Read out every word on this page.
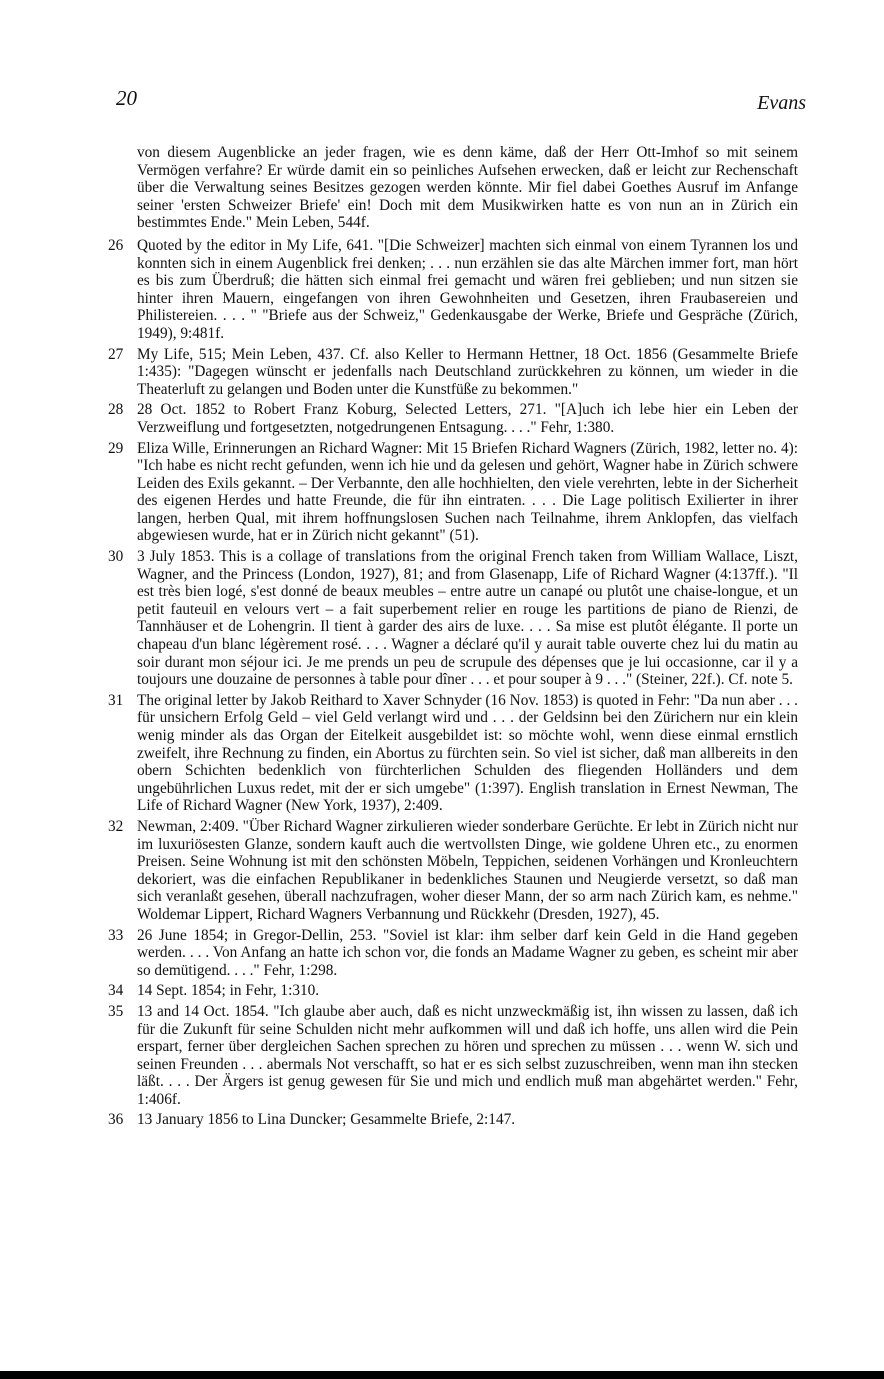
20	Evans
von diesem Augenblicke an jeder fragen, wie es denn käme, daß der Herr Ott-Imhof so mit seinem Vermögen verfahre? Er würde damit ein so peinliches Aufsehen erwecken, daß er leicht zur Rechenschaft über die Verwaltung seines Besitzes gezogen werden könnte. Mir fiel dabei Goethes Ausruf im Anfange seiner 'ersten Schweizer Briefe' ein! Doch mit dem Musikwirken hatte es von nun an in Zürich ein bestimmtes Ende." Mein Leben, 544f.
26 Quoted by the editor in My Life, 641. "[Die Schweizer] machten sich einmal von einem Tyrannen los und konnten sich in einem Augenblick frei denken; . . . nun erzählen sie das alte Märchen immer fort, man hört es bis zum Überdruß; die hätten sich einmal frei gemacht und wären frei geblieben; und nun sitzen sie hinter ihren Mauern, eingefangen von ihren Gewohnheiten und Gesetzen, ihren Fraubasereien und Philistereien. . . . " "Briefe aus der Schweiz," Gedenkausgabe der Werke, Briefe und Gespräche (Zürich, 1949), 9:481f.
27 My Life, 515; Mein Leben, 437. Cf. also Keller to Hermann Hettner, 18 Oct. 1856 (Gesammelte Briefe 1:435): "Dagegen wünscht er jedenfalls nach Deutschland zurückkehren zu können, um wieder in die Theaterluft zu gelangen und Boden unter die Kunstfüße zu bekommen."
28 28 Oct. 1852 to Robert Franz Koburg, Selected Letters, 271. "[A]uch ich lebe hier ein Leben der Verzweiflung und fortgesetzten, notgedrungenen Entsagung. . . ." Fehr, 1:380.
29 Eliza Wille, Erinnerungen an Richard Wagner: Mit 15 Briefen Richard Wagners (Zürich, 1982, letter no. 4): "Ich habe es nicht recht gefunden, wenn ich hie und da gelesen und gehört, Wagner habe in Zürich schwere Leiden des Exils gekannt. – Der Verbannte, den alle hochhielten, den viele verehrten, lebte in der Sicherheit des eigenen Herdes und hatte Freunde, die für ihn eintraten. . . . Die Lage politisch Exilierter in ihrer langen, herben Qual, mit ihrem hoffnungslosen Suchen nach Teilnahme, ihrem Anklopfen, das vielfach abgewiesen wurde, hat er in Zürich nicht gekannt" (51).
30 3 July 1853. This is a collage of translations from the original French taken from William Wallace, Liszt, Wagner, and the Princess (London, 1927), 81; and from Glasenapp, Life of Richard Wagner (4:137ff.). "Il est très bien logé, s'est donné de beaux meubles – entre autre un canapé ou plutôt une chaise-longue, et un petit fauteuil en velours vert – a fait superbement relier en rouge les partitions de piano de Rienzi, de Tannhäuser et de Lohengrin. Il tient à garder des airs de luxe. . . . Sa mise est plutôt élégante. Il porte un chapeau d'un blanc légèrement rosé. . . . Wagner a déclaré qu'il y aurait table ouverte chez lui du matin au soir durant mon séjour ici. Je me prends un peu de scrupule des dépenses que je lui occasionne, car il y a toujours une douzaine de personnes à table pour dîner . . . et pour souper à 9 . . ." (Steiner, 22f.). Cf. note 5.
31 The original letter by Jakob Reithard to Xaver Schnyder (16 Nov. 1853) is quoted in Fehr: "Da nun aber . . . für unsichern Erfolg Geld – viel Geld verlangt wird und . . . der Geldsinn bei den Zürichern nur ein klein wenig minder als das Organ der Eitelkeit ausgebildet ist: so möchte wohl, wenn diese einmal ernstlich zweifelt, ihre Rechnung zu finden, ein Abortus zu fürchten sein. So viel ist sicher, daß man allbereits in den obern Schichten bedenklich von fürchterlichen Schulden des fliegenden Holländers und dem ungebührlichen Luxus redet, mit der er sich umgebe" (1:397). English translation in Ernest Newman, The Life of Richard Wagner (New York, 1937), 2:409.
32 Newman, 2:409. "Über Richard Wagner zirkulieren wieder sonderbare Gerüchte. Er lebt in Zürich nicht nur im luxuriösesten Glanze, sondern kauft auch die wertvollsten Dinge, wie goldene Uhren etc., zu enormen Preisen. Seine Wohnung ist mit den schönsten Möbeln, Teppichen, seidenen Vorhängen und Kronleuchtern dekoriert, was die einfachen Republikaner in bedenkliches Staunen und Neugierde versetzt, so daß man sich veranlaßt gesehen, überall nachzufragen, woher dieser Mann, der so arm nach Zürich kam, es nehme." Woldemar Lippert, Richard Wagners Verbannung und Rückkehr (Dresden, 1927), 45.
33 26 June 1854; in Gregor-Dellin, 253. "Soviel ist klar: ihm selber darf kein Geld in die Hand gegeben werden. . . . Von Anfang an hatte ich schon vor, die fonds an Madame Wagner zu geben, es scheint mir aber so demütigend. . . ." Fehr, 1:298.
34 14 Sept. 1854; in Fehr, 1:310.
35 13 and 14 Oct. 1854. "Ich glaube aber auch, daß es nicht unzweckmäßig ist, ihn wissen zu lassen, daß ich für die Zukunft für seine Schulden nicht mehr aufkommen will und daß ich hoffe, uns allen wird die Pein erspart, ferner über dergleichen Sachen sprechen zu hören und sprechen zu müssen . . . wenn W. sich und seinen Freunden . . . abermals Not verschafft, so hat er es sich selbst zuzuschreiben, wenn man ihn stecken läßt. . . . Der Ärgers ist genug gewesen für Sie und mich und endlich muß man abgehärtet werden." Fehr, 1:406f.
36 13 January 1856 to Lina Duncker; Gesammelte Briefe, 2:147.
